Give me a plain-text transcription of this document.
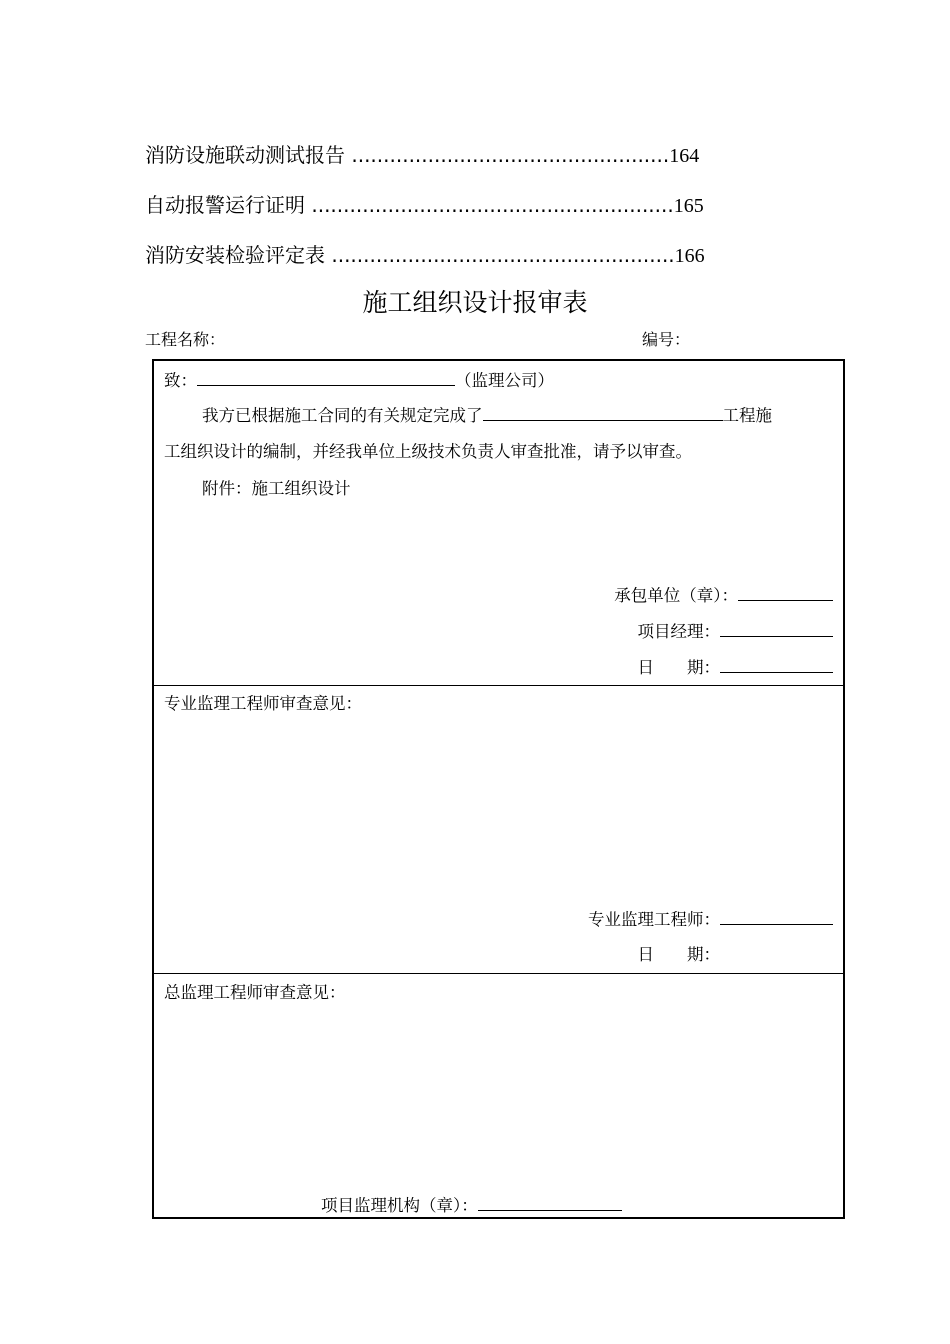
消防设施联动测试报告 ..................................................164
自动报警运行证明 .........................................................165
消防安装检验评定表 ......................................................166
施工组织设计报审表
工程名称：	编号：
致：	（监理公司）
我方已根据施工合同的有关规定完成了	工程施
工组织设计的编制，并经我单位上级技术负责人审查批准，请予以审查。
附件：施工组织设计
承包单位（章）：
项目经理：
日　　期：
专业监理工程师审查意见：
专业监理工程师：
日　　期：
总监理工程师审查意见：
项目监理机构（章）：
